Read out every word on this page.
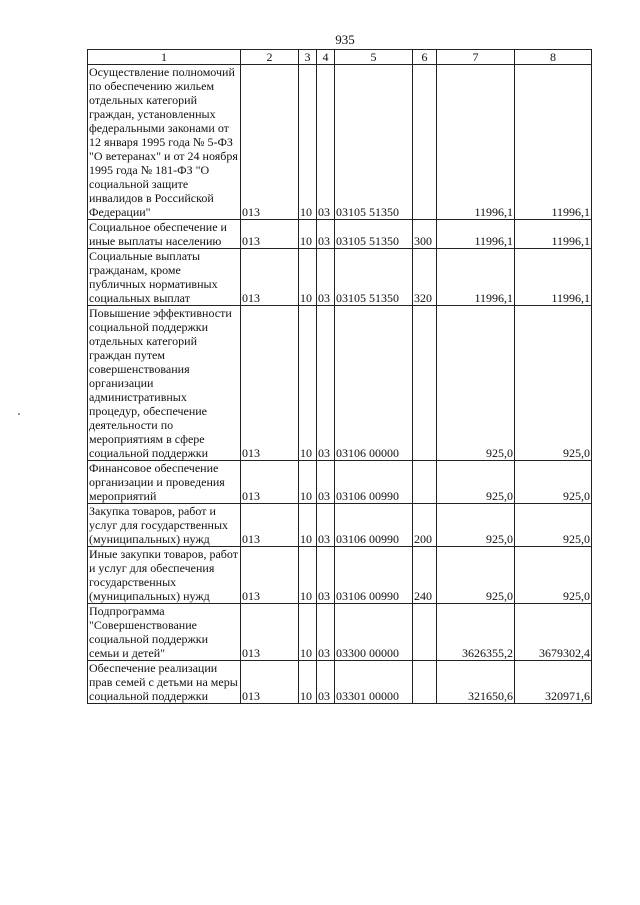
935
1	2	3	4	5	6	7	8
Осуществление полномочий по обеспечению жильем отдельных категорий граждан, установленных федеральными законами от 12 января 1995 года № 5-ФЗ "О ветеранах" и от 24 ноября 1995 года № 181-ФЗ "О социальной защите инвалидов в Российской Федерации"	013	10	03	03105 51350		11996,1	11996,1
Социальное обеспечение и иные выплаты населению	013	10	03	03105 51350	300	11996,1	11996,1
Социальные выплаты гражданам, кроме публичных нормативных социальных выплат	013	10	03	03105 51350	320	11996,1	11996,1
Повышение эффективности социальной поддержки отдельных категорий граждан путем совершенствования организации административных процедур, обеспечение деятельности по мероприятиям в сфере социальной поддержки	013	10	03	03106 00000		925,0	925,0
Финансовое обеспечение организации и проведения мероприятий	013	10	03	03106 00990		925,0	925,0
Закупка товаров, работ и услуг для государственных (муниципальных) нужд	013	10	03	03106 00990	200	925,0	925,0
Иные закупки товаров, работ и услуг для обеспечения государственных (муниципальных) нужд	013	10	03	03106 00990	240	925,0	925,0
Подпрограмма "Совершенствование социальной поддержки семьи и детей"	013	10	03	03300 00000		3626355,2	3679302,4
Обеспечение реализации прав семей с детьми на меры социальной поддержки	013	10	03	03301 00000		321650,6	320971,6
